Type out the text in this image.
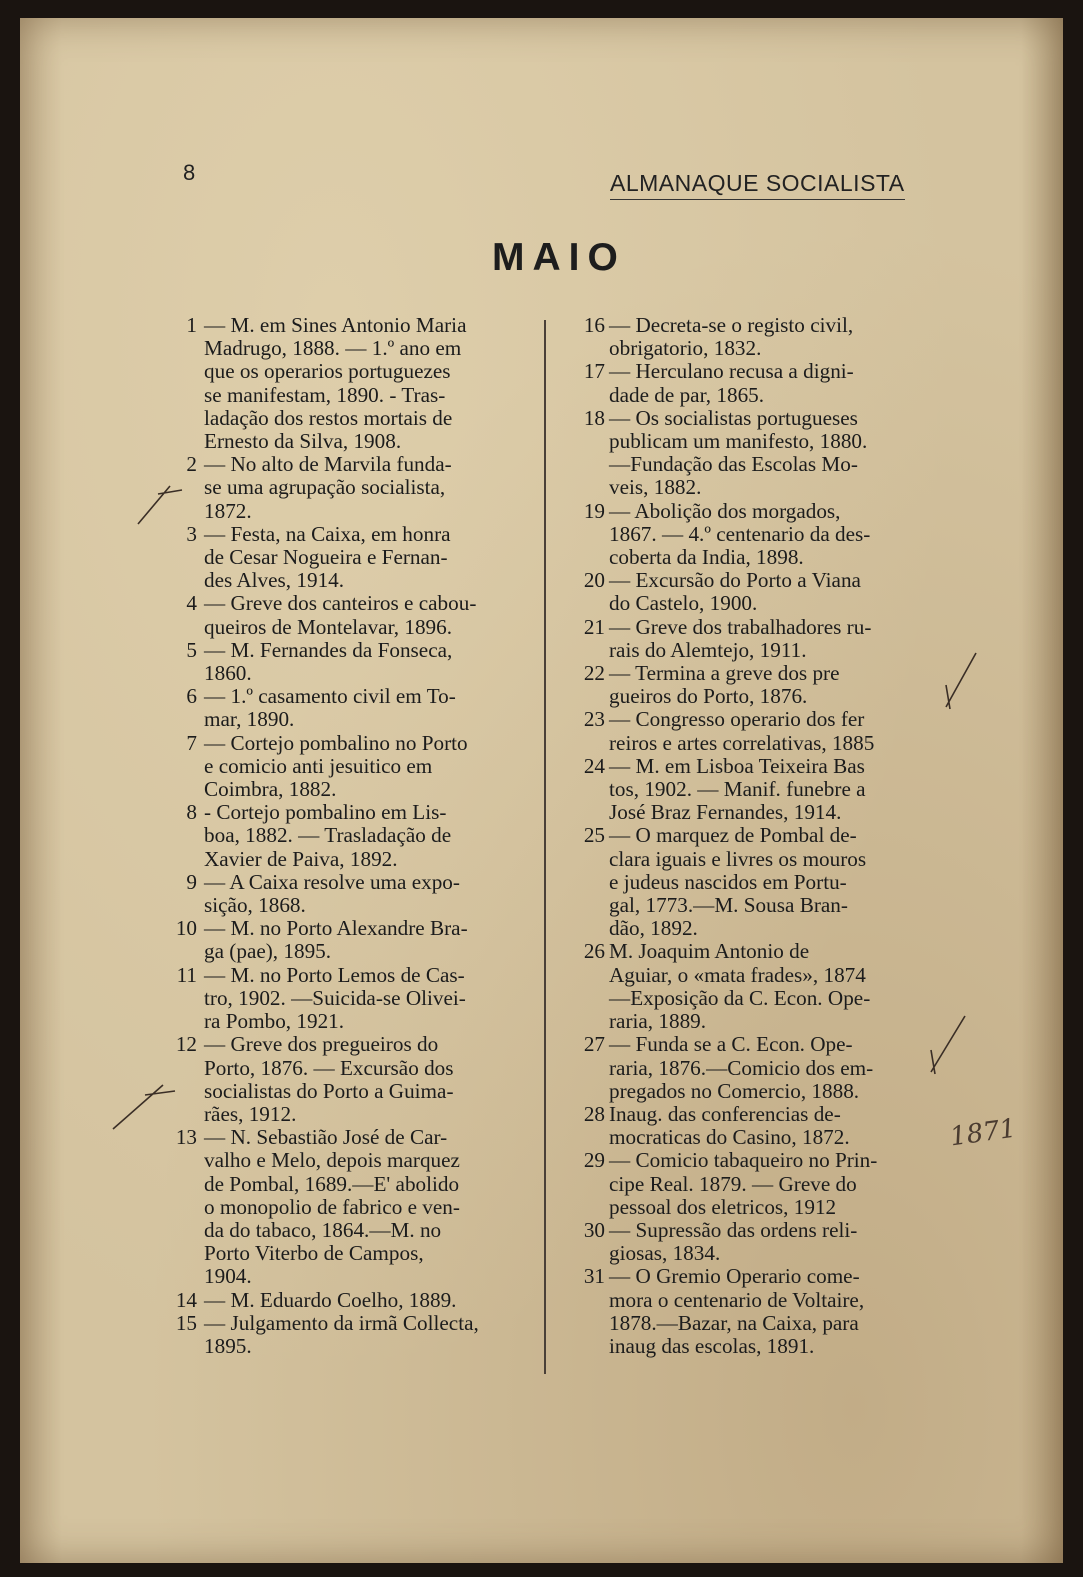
8	ALMANAQUE SOCIALISTA
MAIO
1 — M. em Sines Antonio Maria
Madrugo, 1888. — 1.º ano em
que os operarios portuguezes
se manifestam, 1890. - Tras-
ladação dos restos mortais de
Ernesto da Silva, 1908.
2 — No alto de Marvila funda-
se uma agrupação socialista,
1872.
3 — Festa, na Caixa, em honra
de Cesar Nogueira e Fernan-
des Alves, 1914.
4 — Greve dos canteiros e cabou-
queiros de Montelavar, 1896.
5 — M. Fernandes da Fonseca,
1860.
6 — 1.º casamento civil em To-
mar, 1890.
7 — Cortejo pombalino no Porto
e comicio anti jesuitico em
Coimbra, 1882.
8 - Cortejo pombalino em Lis-
boa, 1882. — Trasladação de
Xavier de Paiva, 1892.
9 — A Caixa resolve uma expo-
sição, 1868.
10 — M. no Porto Alexandre Bra-
ga (pae), 1895.
11 — M. no Porto Lemos de Cas-
tro, 1902. —Suicida-se Olivei-
ra Pombo, 1921.
12 — Greve dos pregueiros do
Porto, 1876. — Excursão dos
socialistas do Porto a Guima-
rães, 1912.
13 — N. Sebastião José de Car-
valho e Melo, depois marquez
de Pombal, 1689.—E' abolido
o monopolio de fabrico e ven-
da do tabaco, 1864.—M. no
Porto Viterbo de Campos,
1904.
14 — M. Eduardo Coelho, 1889.
15 — Julgamento da irmã Collecta,
1895.
16 — Decreta-se o registo civil,
obrigatorio, 1832.
17 — Herculano recusa a digni-
dade de par, 1865.
18 — Os socialistas portugueses
publicam um manifesto, 1880.
—Fundação das Escolas Mo-
veis, 1882.
19 — Abolição dos morgados,
1867. — 4.º centenario da des-
coberta da India, 1898.
20 — Excursão do Porto a Viana
do Castelo, 1900.
21 — Greve dos trabalhadores ru-
rais do Alemtejo, 1911.
22 — Termina a greve dos pre
gueiros do Porto, 1876.
23 — Congresso operario dos fer
reiros e artes correlativas, 1885
24 — M. em Lisboa Teixeira Bas
tos, 1902. — Manif. funebre a
José Braz Fernandes, 1914.
25 — O marquez de Pombal de-
clara iguais e livres os mouros
e judeus nascidos em Portu-
gal, 1773.—M. Sousa Bran-
dão, 1892.
26 M. Joaquim Antonio de
Aguiar, o «mata frades», 1874
—Exposição da C. Econ. Ope-
raria, 1889.
27 — Funda se a C. Econ. Ope-
raria, 1876.—Comicio dos em-
pregados no Comercio, 1888.
28 Inaug. das conferencias de-
mocraticas do Casino, 1872.
29 — Comicio tabaqueiro no Prin-
cipe Real. 1879. — Greve do
pessoal dos eletricos, 1912
30 — Supressão das ordens reli-
giosas, 1834.
31 — O Gremio Operario come-
mora o centenario de Voltaire,
1878.—Bazar, na Caixa, para
inaug das escolas, 1891.
1871
